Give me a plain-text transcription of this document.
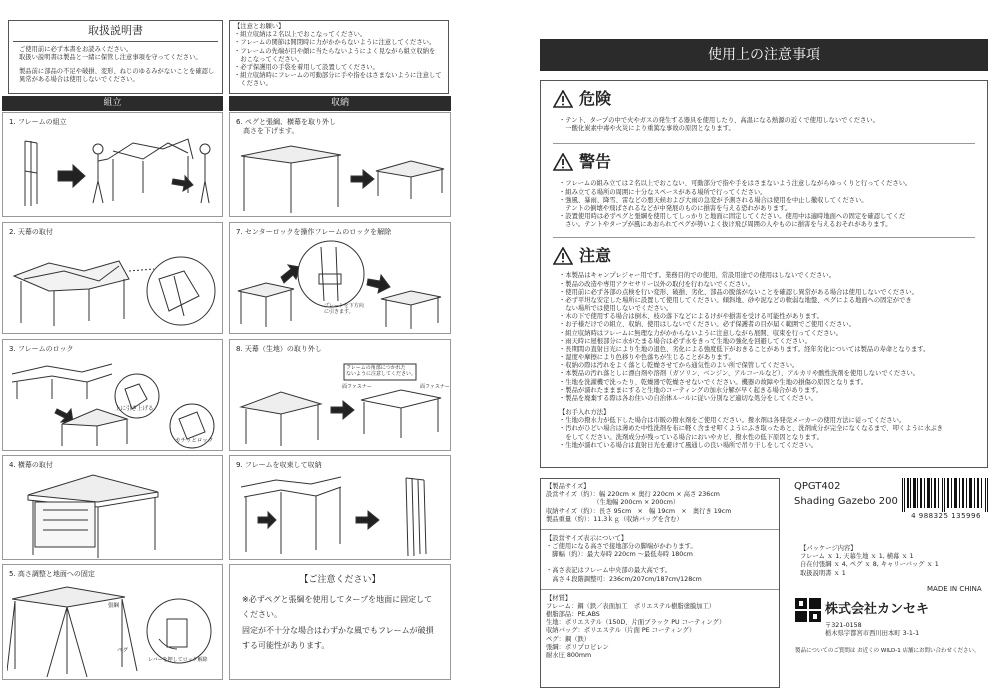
取扱説明書
ご使用前に必ず本書をお読みください。
取扱い説明書は製品と一緒に保管し注意事項を守ってください。
製品前に部品の不足や破損、変形、ねじのゆるみがないことを確認し
異常がある場合は使用しないでください。
【注意とお願い】
・組立収納は２名以上でおこなってください。
・フレームの関節は開閉時に力がかからないように注意してください。
・フレームの先端が目や顔に当たらないようによく見ながら組立収納を
　おこなってください。
・必ず保護用の手袋を着用して設置してください。
・組立収納時にフレームの可動部分に手や指をはさまないように注意して
　ください。
組立	収納
1. フレームの組立
2. 天幕の取付
3. フレームのロック
上に引き上げる
カチッとロック
4. 横幕の取付
5. 高さ調整と地面への固定
張綱
ペグ
レバーを押してロック解除
6. ペグと張綱、横幕を取り外し
　高さを下げます。
7. センターロックを操作フレームのロックを解除
プレートを下方向
に引きます。
8. 天幕（生地）の取り外し
フレームの角部につかれた
ないように注意してください。
面ファスナー	面ファスナー
9. フレームを収束して収納
【ご注意ください】
※必ずペグと張綱を使用してタープを地面に固定して
ください。
固定が不十分な場合はわずかな風でもフレームが破損
する可能性があります。
使用上の注意事項
危険
・テント、タープの中で火やガスの発生する器具を使用したり、高温になる熱源の近くで使用しないでください。
　一酸化炭素中毒や火災により重篤な事故の原因となります。
警告
・フレームの組み立ては２名以上でおこない、可動部分で指や手をはさまないよう注意しながらゆっくりと行ってください。
・組み立てる場所の周囲に十分なスペースがある場所で行ってください。
・強風、暴雨、降雪、雷などの悪天候および大雨の急変が予測される場合は使用を中止し撤収してください。
　テントの倒壊や飛ばされるなどが中発展のものに損害を与える恐れがあります。
・設置使用時は必ずペグと張綱を使用してしっかりと地面に固定してください。使用中は適時地面への固定を確認してくだ
　さい。テントやタープが風にあおられてペグが勢いよく抜け飛び周囲の人やものに損害を与えるおそれがあります。
注意
・本製品はキャンプレジャー用です。業務目的での使用、常設用途での使用はしないでください。
・製品の改造や専用アクセサリー以外の取付を行わないでください。
・使用前に必ず各部の点検を行い変形、破損、劣化、部品の脱落がないことを確認し異常がある場合は使用しないでください。
・必ず平坦な安定した場所に設置して使用してください。傾斜地、砂や泥などの軟弱な地盤、ペグによる地面への固定ができ
　ない場所では使用しないでください。
・木の下で使用する場合は倒木、枝の落下などによるけがや損害を受ける可能性があります。
・お子様だけでの組立、収納、使用はしないでください。必ず保護者の目が届く範囲でご使用ください。
・組立収納時はフレームに無理な力がかからないように注意しながら展開、収束を行ってください。
・雨天時に屋根部分に水がたまる場合は必ず水をきって生地の強化を回避してください。
・長期間の直射日光により生地の退色、劣化による強度低下がおきることがあります。経年劣化については製品の寿命となります。
・湿度や摩擦により色移りや色落ちが生じることがあります。
・収納の際は汚れをよく落とし乾燥させてから通気性のよい所で保管してください。
・本製品の汚れ落としに漂白剤や溶剤（ガソリン、ベンジン、アルコールなど）、アルカリや酸性洗剤を使用しないでください。
・生地を洗濯機で洗ったり、乾燥器で乾燥させないでください。機器の故障や生地の損傷の原因となります。
・製品が濡れたまままにすると生地のコーティングの加水分解が早く起きる場合があります。
・製品を廃棄する際は各お住いの自治体ルールに従い分別など適切な処分をしてください。
【お手入れ方法】
・生地の撥水力が低下した場合は市販の撥水剤をご使用ください。撥水剤は各発売メーカーの使用方法に従ってください。
・汚れがひどい場合は薄めた中性洗剤を布に軽く含ませ叩くようにふき取ったあと、洗剤成分が完全になくなるまで、叩くように水ぶき
　をしてください。洗剤成分が残っている場合においやカビ、撥水性の低下原因となります。
・生地が濡れている場合は直射日光を避けて風通しの良い場所で吊り干しをしてください。
【製品サイズ】
設営サイズ（約）：幅 220cm × 奥行 220cm × 高さ 236cm
　　　　　　　　（生地幅 200cm × 200cm）
収納サイズ（約）：長さ 95cm　×　幅 19cm　×　奥行き 19cm
製品重量（約）：11.3ｋｇ（収納バッグを含む）
【設営サイズ表示について】
・ご使用になる高さで接地部分の脚端がかわります。
　脚幅（約）：最大寿時 220cm ～最低寿時 180cm
・高さ表記はフレーム中央部の最大高です。
　高さ４段階調整可：236cm/207cm/187cm/128cm
【材質】
フレーム：鋼（鉄／表面加工　ポリエステル樹脂塗膜加工）
樹脂部品：PE,ABS
生地：ポリエステル（150D、片面ブラック PU コーティング）
収納バッグ：ポリエステル（片面 PE コーティング）
ペグ：鋼（鉄）
張綱：ポリプロピレン
耐水圧 800mm
QPGT402
Shading Gazebo 200
4 988325 135996
【パッケージ内容】
フレーム ｘ 1, 天幕生地 ｘ 1, 横幕 ｘ 1
自在付張綱 ｘ 4, ペグ ｘ 8, キャリーバッグ ｘ 1
取扱説明書 ｘ 1
MADE IN CHINA
株式会社カンセキ
〒321-0158
栃木県宇都宮市西川田本町 3-1-1
製品についてのご質問は お近くの WILD-1 店舗にお問い合わせください。
